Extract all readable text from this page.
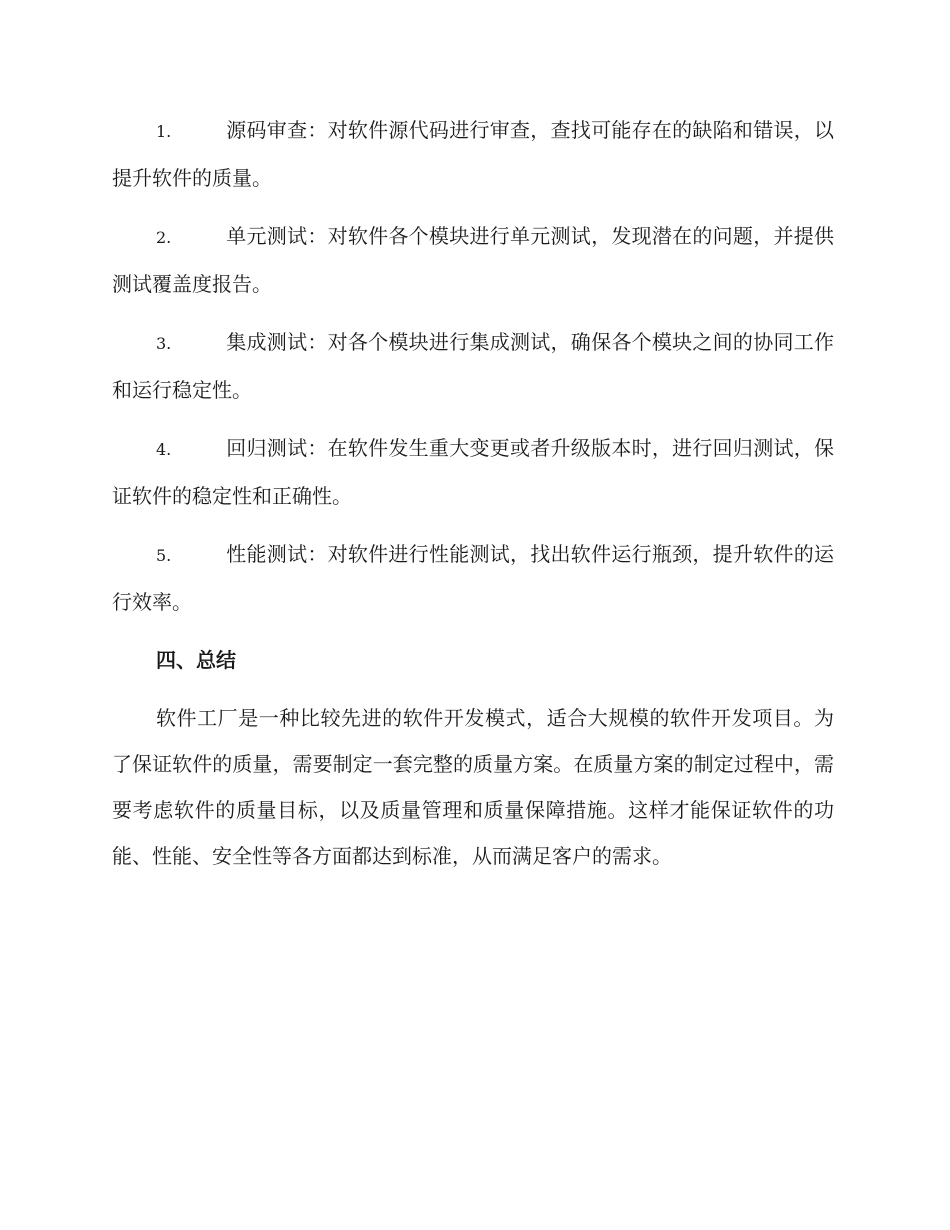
1.	源码审查：对软件源代码进行审查，查找可能存在的缺陷和错误，以提升软件的质量。

2.	单元测试：对软件各个模块进行单元测试，发现潜在的问题，并提供测试覆盖度报告。

3.	集成测试：对各个模块进行集成测试，确保各个模块之间的协同工作和运行稳定性。

4.	回归测试：在软件发生重大变更或者升级版本时，进行回归测试，保证软件的稳定性和正确性。

5.	性能测试：对软件进行性能测试，找出软件运行瓶颈，提升软件的运行效率。

四、总结

软件工厂是一种比较先进的软件开发模式，适合大规模的软件开发项目。为了保证软件的质量，需要制定一套完整的质量方案。在质量方案的制定过程中，需要考虑软件的质量目标，以及质量管理和质量保障措施。这样才能保证软件的功能、性能、安全性等各方面都达到标准，从而满足客户的需求。
